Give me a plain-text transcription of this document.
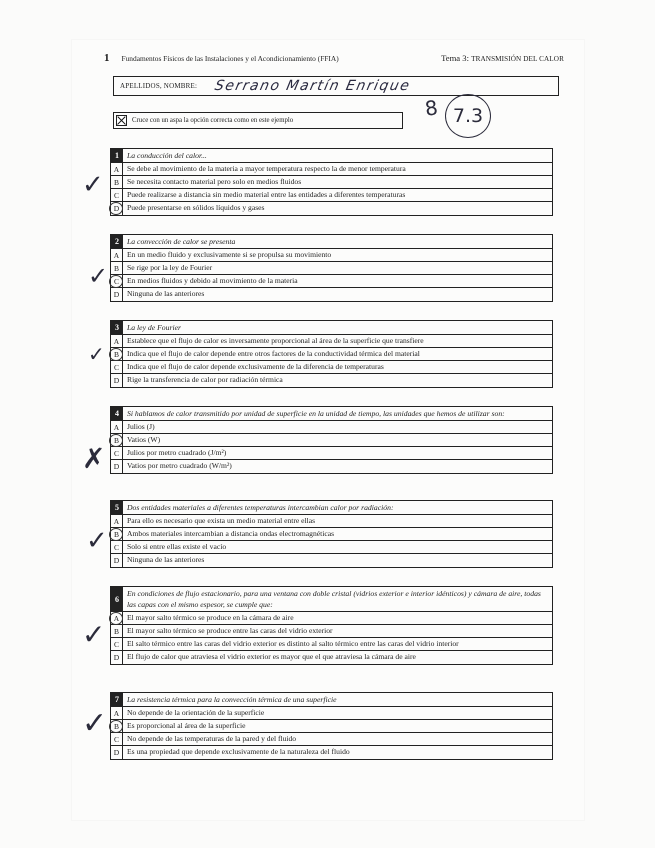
1 Fundamentos Físicos de las Instalaciones y el Acondicionamiento (FFIA)	Tema 3: TRANSMISIÓN DEL CALOR
APELLIDOS, NOMBRE: Serrano Martín Enrique
8 7.3
Cruce con un aspa la opción correcta como en este ejemplo
1	La conducción del calor...
A	Se debe al movimiento de la materia a mayor temperatura respecto la de menor temperatura
B	Se necesita contacto material pero solo en medios fluidos
C	Puede realizarse a distancia sin medio material entre las entidades a diferentes temperaturas
D	Puede presentarse en sólidos líquidos y gases
2	La convección de calor se presenta
A	En un medio fluido y exclusivamente si se propulsa su movimiento
B	Se rige por la ley de Fourier
C	En medios fluidos y debido al movimiento de la materia
D	Ninguna de las anteriores
3	La ley de Fourier
A	Establece que el flujo de calor es inversamente proporcional al área de la superficie que transfiere
B	Indica que el flujo de calor depende entre otros factores de la conductividad térmica del material
C	Indica que el flujo de calor depende exclusivamente de la diferencia de temperaturas
D	Rige la transferencia de calor por radiación térmica
4	Si hablamos de calor transmitido por unidad de superficie en la unidad de tiempo, las unidades que hemos de utilizar son:
A	Julios (J)
B	Vatios (W)
C	Julios por metro cuadrado (J/m²)
D	Vatios por metro cuadrado (W/m²)
5	Dos entidades materiales a diferentes temperaturas intercambian calor por radiación:
A	Para ello es necesario que exista un medio material entre ellas
B	Ambos materiales intercambian a distancia ondas electromagnéticas
C	Solo si entre ellas existe el vacío
D	Ninguna de las anteriores
6
En condiciones de flujo estacionario, para una ventana con doble cristal (vidrios exterior e interior idénticos) y cámara de aire, todas las capas con el mismo espesor, se cumple que:
A	El mayor salto térmico se produce en la cámara de aire
B	El mayor salto térmico se produce entre las caras del vidrio exterior
C	El salto térmico entre las caras del vidrio exterior es distinto al salto térmico entre las caras del vidrio interior
D	El flujo de calor que atraviesa el vidrio exterior es mayor que el que atraviesa la cámara de aire
7	La resistencia térmica para la convección térmica de una superficie
A	No depende de la orientación de la superficie
B	Es proporcional al área de la superficie
C	No depende de las temperaturas de la pared y del fluido
D	Es una propiedad que depende exclusivamente de la naturaleza del fluido
✓
✓
✓
✗
✓
✓
✓
